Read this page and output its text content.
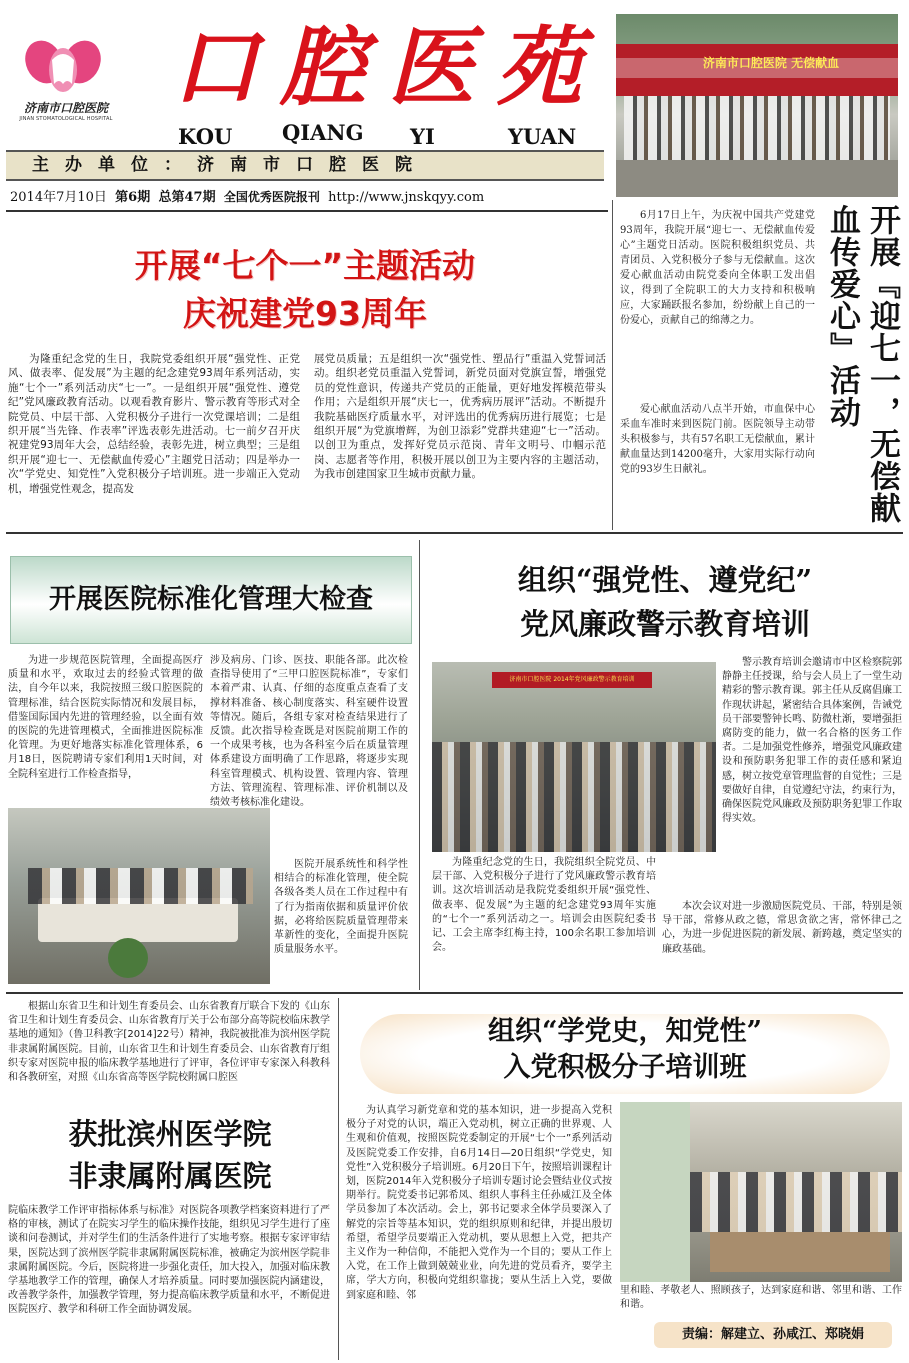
济南市口腔医院
JINAN STOMATOLOGICAL HOSPITAL
口腔医苑
KOU QIANG YI	YUAN
主办单位：济南市口腔医院
2014年7月10日 第6期 总第47期 全国优秀医院报刊 http://www.jnskqyy.com
济南市口腔医院 无偿献血
开展“七个一”主题活动
庆祝建党93周年

为隆重纪念党的生日，我院党委组织开展“强党性、正党风、做表率、促发展”为主题的纪念建党93周年系列活动，实施“七个一”系列活动庆“七一”。一是组织开展“强党性、遵党纪”党风廉政教育活动。以观看教育影片、警示教育等形式对全院党员、中层干部、入党积极分子进行一次党课培训；二是组织开展“当先锋、作表率”评选表彰先进活动。七一前夕召开庆祝建党93周年大会，总结经验，表彰先进，树立典型；三是组织开展“迎七一、无偿献血传爱心”主题党日活动；四是举办一次“学党史、知党性”入党积极分子培训班。进一步端正入党动机，增强党性观念，提高发

展党员质量；五是组织一次“强党性、塑品行”重温入党誓词活动。组织老党员重温入党誓词，新党员面对党旗宣誓，增强党员的党性意识，传递共产党员的正能量，更好地发挥模范带头作用；六是组织开展“庆七一，优秀病历展评”活动。不断提升我院基础医疗质量水平，对评选出的优秀病历进行展览；七是组织开展“为党旗增辉，为创卫添彩”党群共建迎“七一”活动。以创卫为重点，发挥好党员示范岗、青年文明号、巾帼示范岗、志愿者等作用，积极开展以创卫为主要内容的主题活动，为我市创建国家卫生城市贡献力量。

6月17日上午，为庆祝中国共产党建党93周年，我院开展“迎七一、无偿献血传爱心”主题党日活动。医院积极组织党员、共青团员、入党积极分子参与无偿献血。这次爱心献血活动由院党委向全体职工发出倡议，得到了全院职工的大力支持和积极响应，大家踊跃报名参加，纷纷献上自己的一份爱心，贡献自己的绵薄之力。

爱心献血活动八点半开始，市血保中心采血车准时来到医院门前。医院领导主动带头积极参与，共有57名职工无偿献血，累计献血量达到14200毫升，大家用实际行动向党的93岁生日献礼。	开展『迎七一，无偿献血传爱心』活动
开展医院标准化管理大检查

为进一步规范医院管理，全面提高医疗质量和水平，欢取过去的经验式管理的做法，自今年以来，我院按照三级口腔医院的管理标准，结合医院实际情况和发展目标，借鉴国际国内先进的管理经验，以全面有效的医院的先进管理模式，全面推进医院标准化管理。为更好地落实标准化管理体系，6月18日，医院聘请专家们利用1天时间，对全院科室进行工作检查指导，

涉及病房、门诊、医技、职能各部。此次检查指导使用了“三甲口腔医院标准”，专家们本着严肃、认真、仔细的态度重点查看了支撑材料准备、核心制度落实、科室硬件设置等情况。随后，各组专家对检查结果进行了反馈。此次指导检查既是对医院前期工作的一个成果考核，也为各科室今后在质量管理体系建设方面明确了工作思路，将逐步实现科室管理模式、机构设置、管理内容、管理方法、管理流程、管理标准、评价机制以及绩效考核标准化建设。

医院开展系统性和科学性相结合的标准化管理，使全院各级各类人员在工作过程中有了行为指南依据和质量评价依据，必将给医院质量管理带来革新性的变化，全面提升医院质量服务水平。

组织“强党性、遵党纪”
党风廉政警示教育培训
济南市口腔医院 2014年党风廉政警示教育培训

警示教育培训会邀请市中区检察院郭静静主任授课，给与会人员上了一堂生动精彩的警示教育课。郭主任从反腐倡廉工作现状讲起，紧密结合具体案例，告诫党员干部要警钟长鸣、防微杜渐，要增强拒腐防变的能力，做一名合格的医务工作者。二是加强党性修养，增强党风廉政建设和预防职务犯罪工作的责任感和紧迫感，树立按党章管理监督的自觉性；三是要做好自律，自觉遵纪守法，约束行为，确保医院党风廉政及预防职务犯罪工作取得实效。

为隆重纪念党的生日，我院组织全院党员、中层干部、入党积极分子进行了党风廉政警示教育培训。这次培训活动是我院党委组织开展“强党性、做表率、促发展”为主题的纪念建党93周年实施的“七个一”系列活动之一。培训会由医院纪委书记、工会主席李红梅主持，100余名职工参加培训会。

本次会议对进一步激励医院党员、干部，特别是领导干部，常修从政之德，常思贪欲之害，常怀律己之心，为进一步促进医院的新发展、新跨越，奠定坚实的廉政基础。

根据山东省卫生和计划生育委员会、山东省教育厅联合下发的《山东省卫生和计划生育委员会、山东省教育厅关于公布部分高等院校临床教学基地的通知》（鲁卫科教字[2014]22号）精神，我院被批准为滨州医学院非隶属附属医院。目前，山东省卫生和计划生育委员会、山东省教育厅组织专家对医院申报的临床教学基地进行了评审，各位评审专家深入科教科和各教研室，对照《山东省高等医学院校附属口腔医

获批滨州医学院
非隶属附属医院

院临床教学工作评审指标体系与标准》对医院各项教学档案资料进行了严格的审核，测试了在院实习学生的临床操作技能，组织见习学生进行了座谈和问卷测试，并对学生们的生活条件进行了实地考察。根据专家评审结果，医院达到了滨州医学院非隶属附属医院标准，被确定为滨州医学院非隶属附属医院。今后，医院将进一步强化责任，加大投入，加强对临床教学基地教学工作的管理，确保人才培养质量。同时要加强医院内涵建设，改善教学条件，加强教学管理，努力提高临床教学质量和水平，不断促进医院医疗、教学和科研工作全面协调发展。

组织“学党史，知党性”
入党积极分子培训班

为认真学习新党章和党的基本知识，进一步提高入党积极分子对党的认识，端正入党动机，树立正确的世界观、人生观和价值观，按照医院党委制定的开展“七个一”系列活动及医院党委工作安排，自6月14日—20日组织“学党史，知党性”入党积极分子培训班。6月20日下午，按照培训课程计划，医院2014年入党积极分子培训专题讨论会暨结业仪式按期举行。院党委书记郭希凤、组织人事科主任孙威江及全体学员参加了本次活动。会上，郭书记要求全体学员要深入了解党的宗旨等基本知识，党的组织原则和纪律，并提出殷切希望，希望学员要端正入党动机，要从思想上入党，把共产主义作为一种信仰，不能把入党作为一个目的；要从工作上入党，在工作上做到兢兢业业，向先进的党员看齐，要学主席，学大方向，积极向党组织靠拢；要从生活上入党，要做到家庭和睦、邻	里和睦、孝敬老人、照顾孩子，达到家庭和谐、邻里和谐、工作和谐。

责编：解建立、孙咸江、郑晓娟
